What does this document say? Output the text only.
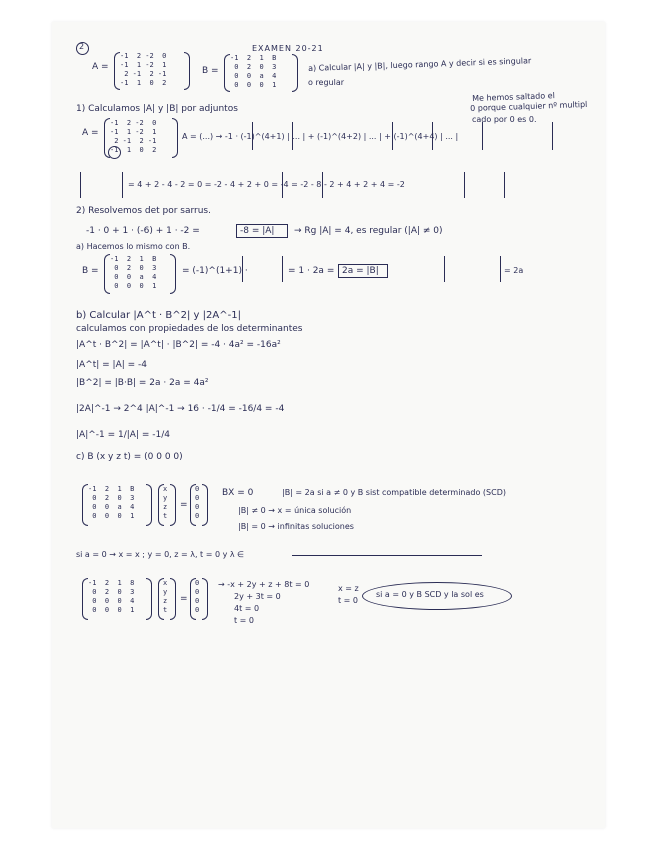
2	EXAMEN 20-21
A =
-1  2 -2  0
-1  1 -2  1
2 -1  2 -1
-1  1  0  2
B =
-1  2  1  B
0  2  0  3
0  0  a  4
0  0  0  1
a) Calcular |A| y |B|, luego rango A y decir si es singular
o regular
1) Calculamos |A| y |B| por adjuntos
Me hemos saltado el
0 porque cualquier nº multipl
cado por 0 es 0.
A =
-1  2 -2  0
-1  1 -2  1
2 -1  2 -1
-1  1  0  2
A = (...) → -1 · (-1)^(4+1) | ... | + (-1)^(4+2) | ... | + (-1)^(4+4) | ... |
= 4 + 2 - 4 - 2 = 0 = -2 - 4 + 2 + 0 = -4 = -2 - 8 - 2 + 4 + 2 + 4 = -2
2) Resolvemos det por sarrus.
-1 · 0 + 1 · (-6) + 1 · -2 =	-8 = |A| → Rg |A| = 4, es regular (|A| ≠ 0)
a) Hacemos lo mismo con B.
B =
-1  2  1  B
0  2  0  3
0  0  a  4
0  0  0  1
= (-1)^(1+1) ·	= 1 · 2a = 2a = |B|	= 2a
b) Calcular |A^t · B^2| y |2A^-1|
calculamos con propiedades de los determinantes
|A^t · B^2| = |A^t| · |B^2| = -4 · 4a² = -16a²
|A^t| = |A| = -4
|B^2| = |B·B| = 2a · 2a = 4a²
|2A|^-1 → 2^4 |A|^-1 → 16 · -1/4 = -16/4 = -4
|A|^-1 = 1/|A| = -1/4
c) B (x y z t) = (0 0 0 0)
-1  2  1  B
0  2  0  3
0  0  a  4
0  0  0  1
x
y
z
t
=
0
0
0
0
BX = 0	|B| = 2a si a ≠ 0 y B sist compatible determinado (SCD)
|B| ≠ 0 → x = única solución
|B| = 0 → infinitas soluciones
si a = 0 → x = x ; y = 0, z = λ, t = 0 y λ ∈
-1  2  1  8
0  2  0  3
0  0  0  4
0  0  0  1
x
y
z
t
=
0
0
0
0
→ -x + 2y + z + 8t = 0
2y + 3t = 0
4t = 0
t = 0
x = z
t = 0
si a = 0 y B SCD y la sol es
